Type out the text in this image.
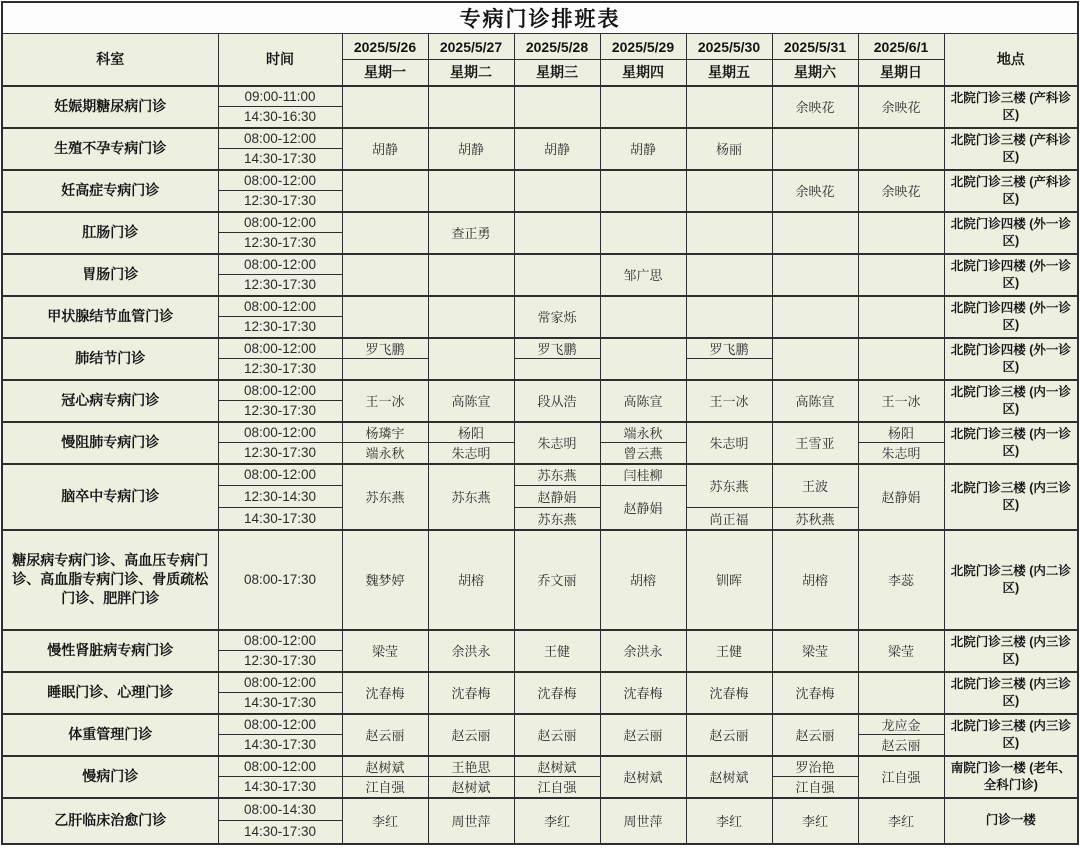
专病门诊排班表									
科室	时间	2025/5/26	2025/5/27	2025/5/28	2025/5/29	2025/5/30	2025/5/31	2025/6/1	地点
		星期一	星期二	星期三	星期四	星期五	星期六	星期日	
妊娠期糖尿病门诊	09:00-11:00						余映花	余映花	北院门诊三楼 (产科诊区)
	14:30-16:30								
生殖不孕专病门诊	08:00-12:00	胡静	胡静	胡静	胡静	杨丽			北院门诊三楼 (产科诊区)
	14:30-17:30								
妊高症专病门诊	08:00-12:00						余映花	余映花	北院门诊三楼 (产科诊区)
	12:30-17:30								
肛肠门诊	08:00-12:00		查正勇						北院门诊四楼 (外一诊区)
	12:30-17:30								
胃肠门诊	08:00-12:00				邹广思				北院门诊四楼 (外一诊区)
	12:30-17:30								
甲状腺结节血管门诊	08:00-12:00			常家烁					北院门诊四楼 (外一诊区)
	12:30-17:30								
肺结节门诊	08:00-12:00	罗飞鹏		罗飞鹏		罗飞鹏			北院门诊四楼 (外一诊区)
	12:30-17:30								
冠心病专病门诊	08:00-12:00	王一冰	高陈宣	段从浩	高陈宣	王一冰	高陈宣	王一冰	北院门诊三楼 (内一诊区)
	12:30-17:30								
慢阻肺专病门诊	08:00-12:00	杨璘宇	杨阳	朱志明	端永秋	朱志明	王雪亚	杨阳	北院门诊三楼 (内一诊区)
	12:30-17:30	端永秋	朱志明		曾云燕			朱志明	
脑卒中专病门诊	08:00-12:00	苏东燕	苏东燕	苏东燕	闫桂柳	苏东燕	王波	赵静娟	北院门诊三楼 (内三诊区)
	12:30-14:30			赵静娟	赵静娟				
	14:30-17:30			苏东燕		尚正福	苏秋燕		
糖尿病专病门诊、高血压专病门诊、高血脂专病门诊、骨质疏松门诊、肥胖门诊	08:00-17:30	魏梦婷	胡榕	乔文丽	胡榕	钏晖	胡榕	李蕊	北院门诊三楼 (内二诊区)
慢性肾脏病专病门诊	08:00-12:00	梁莹	余洪永	王健	余洪永	王健	梁莹	梁莹	北院门诊三楼 (内三诊区)
	12:30-17:30								
睡眠门诊、心理门诊	08:00-12:00	沈春梅	沈春梅	沈春梅	沈春梅	沈春梅	沈春梅		北院门诊三楼 (内三诊区)
	14:30-17:30								
体重管理门诊	08:00-12:00	赵云丽	赵云丽	赵云丽	赵云丽	赵云丽	赵云丽	龙应金	北院门诊三楼 (内三诊区)
	14:30-17:30							赵云丽	
慢病门诊	08:00-12:00	赵树斌	王艳思	赵树斌	赵树斌	赵树斌	罗治艳	江自强	南院门诊一楼 (老年、全科门诊)
	14:30-17:30	江自强	赵树斌	江自强			江自强		
乙肝临床治愈门诊	08:00-14:30	李红	周世萍	李红	周世萍	李红	李红	李红	门诊一楼
	14:30-17:30								
